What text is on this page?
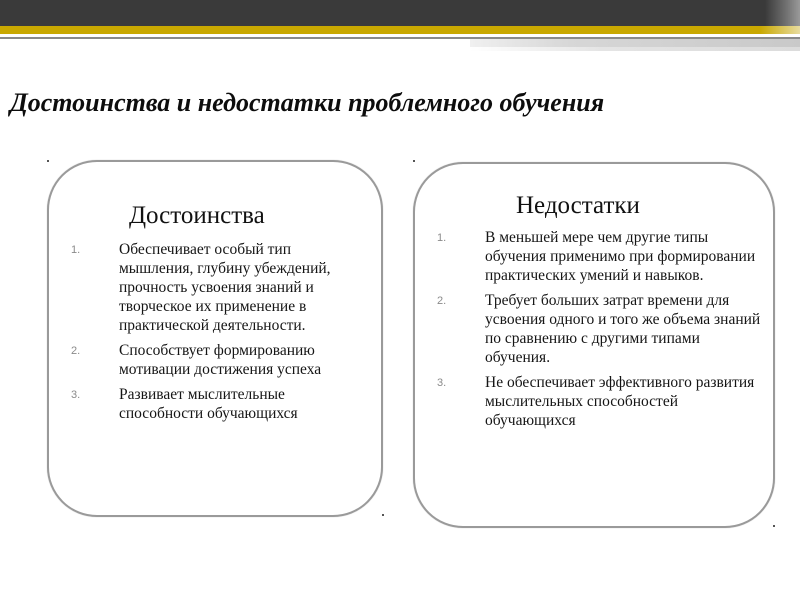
Достоинства и недостатки проблемного обучения
Достоинства
1.	Обеспечивает особый тип мышления, глубину убеждений, прочность усвоения знаний и творческое их применение в практической деятельности.
2.	Способствует формированию мотивации достижения успеха
3.	Развивает мыслительные способности обучающихся
Недостатки
1.	В меньшей мере чем другие типы обучения применимо при формировании практических умений и навыков.
2.	Требует больших затрат времени для усвоения одного и того же объема знаний по сравнению с другими типами обучения.
3.	Не обеспечивает эффективного развития мыслительных способностей обучающихся
